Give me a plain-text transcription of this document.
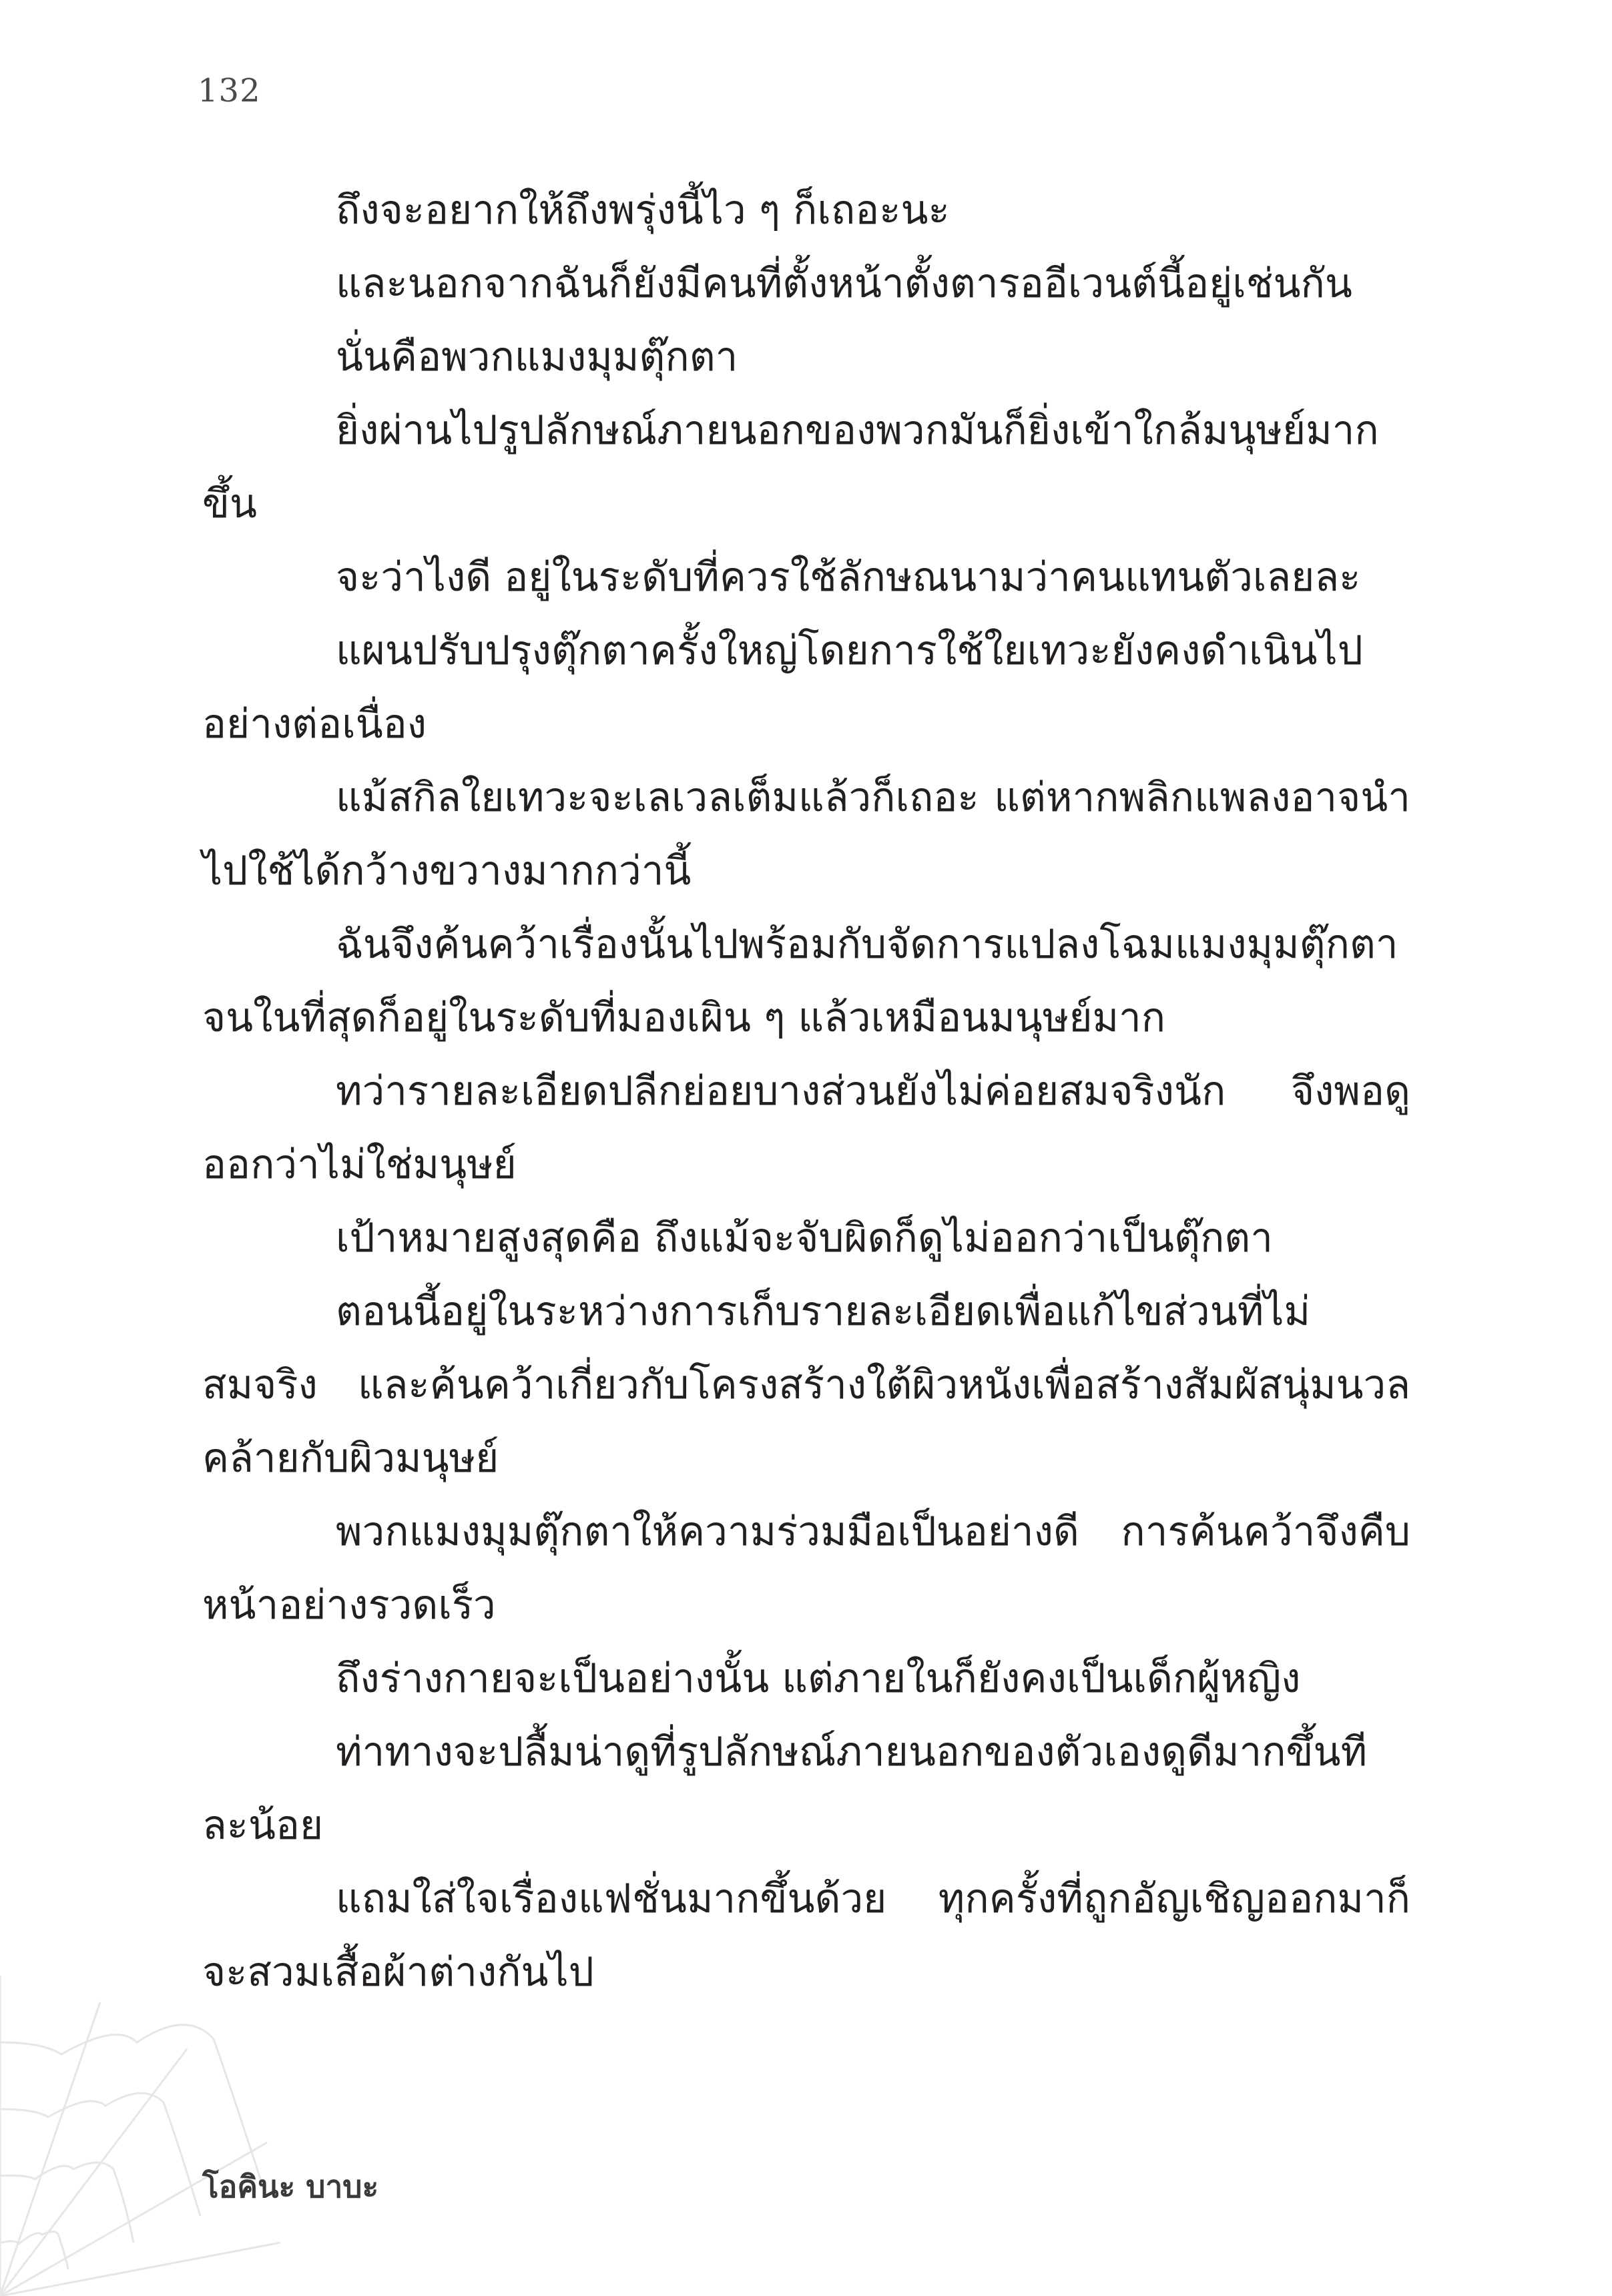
132

ถึงจะอยากให้ถึงพรุ่งนี้ไว ๆ ก็เถอะนะ

และนอกจากฉันก็ยังมีคนที่ตั้งหน้าตั้งตารออีเวนต์นี้อยู่เช่นกัน

นั่นคือพวกแมงมุมตุ๊กตา

ยิ่งผ่านไปรูปลักษณ์ภายนอกของพวกมันก็ยิ่งเข้าใกล้มนุษย์มากขึ้น

จะว่าไงดี อยู่ในระดับที่ควรใช้ลักษณนามว่าคนแทนตัวเลยละ

แผนปรับปรุงตุ๊กตาครั้งใหญ่โดยการใช้ใยเทวะยังคงดำเนินไปอย่างต่อเนื่อง

แม้สกิลใยเทวะจะเลเวลเต็มแล้วก็เถอะ แต่หากพลิกแพลงอาจนำไปใช้ได้กว้างขวางมากกว่านี้

ฉันจึงค้นคว้าเรื่องนั้นไปพร้อมกับจัดการแปลงโฉมแมงมุมตุ๊กตา จนในที่สุดก็อยู่ในระดับที่มองเผิน ๆ แล้วเหมือนมนุษย์มาก

ทว่ารายละเอียดปลีกย่อยบางส่วนยังไม่ค่อยสมจริงนัก จึงพอดูออกว่าไม่ใช่มนุษย์

เป้าหมายสูงสุดคือ ถึงแม้จะจับผิดก็ดูไม่ออกว่าเป็นตุ๊กตา

ตอนนี้อยู่ในระหว่างการเก็บรายละเอียดเพื่อแก้ไขส่วนที่ไม่สมจริง และค้นคว้าเกี่ยวกับโครงสร้างใต้ผิวหนังเพื่อสร้างสัมผัสนุ่มนวลคล้ายกับผิวมนุษย์

พวกแมงมุมตุ๊กตาให้ความร่วมมือเป็นอย่างดี การค้นคว้าจึงคืบหน้าอย่างรวดเร็ว

ถึงร่างกายจะเป็นอย่างนั้น แต่ภายในก็ยังคงเป็นเด็กผู้หญิง

ท่าทางจะปลื้มน่าดูที่รูปลักษณ์ภายนอกของตัวเองดูดีมากขึ้นทีละน้อย

แถมใส่ใจเรื่องแฟชั่นมากขึ้นด้วย ทุกครั้งที่ถูกอัญเชิญออกมาก็จะสวมเสื้อผ้าต่างกันไป

โอคินะ บาบะ
